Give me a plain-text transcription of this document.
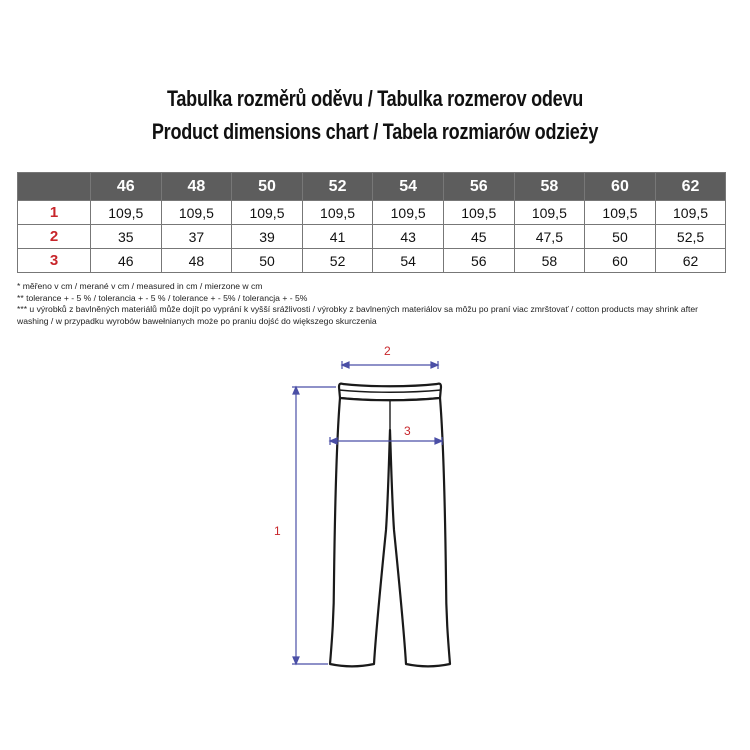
Tabulka rozměrů oděvu / Tabulka rozmerov odevu
Product dimensions chart / Tabela rozmiarów odzieży
	46	48	50	52	54	56	58	60	62
1	109,5	109,5	109,5	109,5	109,5	109,5	109,5	109,5	109,5
2	35	37	39	41	43	45	47,5	50	52,5
3	46	48	50	52	54	56	58	60	62
* měřeno v cm / merané v cm / measured in cm / mierzone w cm
** tolerance + - 5 % / tolerancia + - 5 % / tolerance + - 5% / tolerancja + - 5%
*** u výrobků z bavlněných materiálů může dojít po vyprání k vyšší srážlivosti / výrobky z bavlnených materiálov sa môžu po praní viac zmrštovať / cotton products may shrink after washing / w przypadku wyrobów bawełnianych może po praniu dojść do większego skurczenia
2
3
1
